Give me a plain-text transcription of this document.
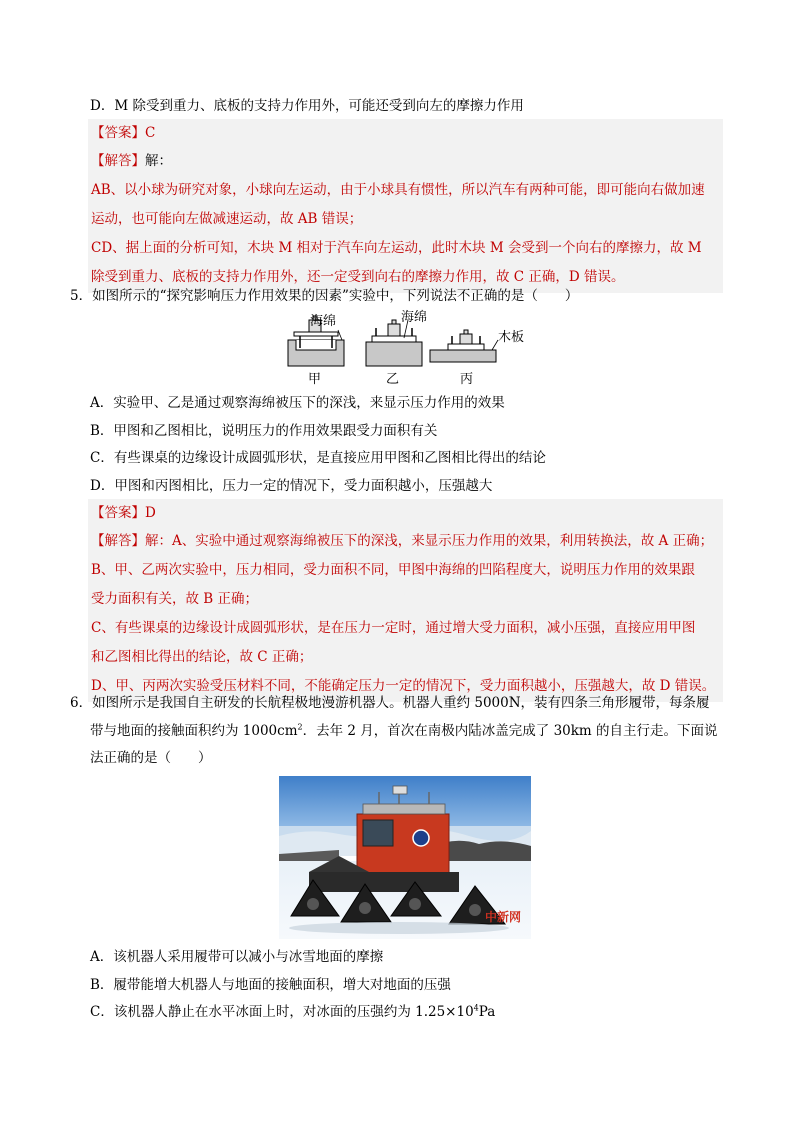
D．M 除受到重力、底板的支持力作用外，可能还受到向左的摩擦力作用
【答案】C
【解答】解：
AB、以小球为研究对象，小球向左运动，由于小球具有惯性，所以汽车有两种可能，即可能向右做加速
运动，也可能向左做减速运动，故 AB 错误；
CD、据上面的分析可知，木块 M 相对于汽车向左运动，此时木块 M 会受到一个向右的摩擦力，故 M
除受到重力、底板的支持力作用外，还一定受到向右的摩擦力作用，故 C 正确，D 错误。
5．如图所示的“探究影响压力作用效果的因素”实验中，下列说法不正确的是（　　）
海绵	海绵
木板
甲	乙	丙
A．实验甲、乙是通过观察海绵被压下的深浅，来显示压力作用的效果
B．甲图和乙图相比，说明压力的作用效果跟受力面积有关
C．有些课桌的边缘设计成圆弧形状，是直接应用甲图和乙图相比得出的结论
D．甲图和丙图相比，压力一定的情况下，受力面积越小，压强越大
【答案】D
【解答】解：A、实验中通过观察海绵被压下的深浅，来显示压力作用的效果，利用转换法，故 A 正确；
B、甲、乙两次实验中，压力相同，受力面积不同，甲图中海绵的凹陷程度大，说明压力作用的效果跟
受力面积有关，故 B 正确；
C、有些课桌的边缘设计成圆弧形状，是在压力一定时，通过增大受力面积，减小压强，直接应用甲图
和乙图相比得出的结论，故 C 正确；
D、甲、丙两次实验受压材料不同，不能确定压力一定的情况下，受力面积越小，压强越大，故 D 错误。
6．如图所示是我国自主研发的长航程极地漫游机器人。机器人重约 5000N，装有四条三角形履带，每条履
带与地面的接触面积约为 $1000cm^2$．去年 2 月，首次在南极内陆冰盖完成了 30km 的自主行走。下面说
法正确的是（　　）
中新网
A．该机器人采用履带可以减小与冰雪地面的摩擦
B．履带能增大机器人与地面的接触面积，增大对地面的压强
C．该机器人静止在水平冰面上时，对冰面的压强约为 $1.25\times 10^4Pa$
